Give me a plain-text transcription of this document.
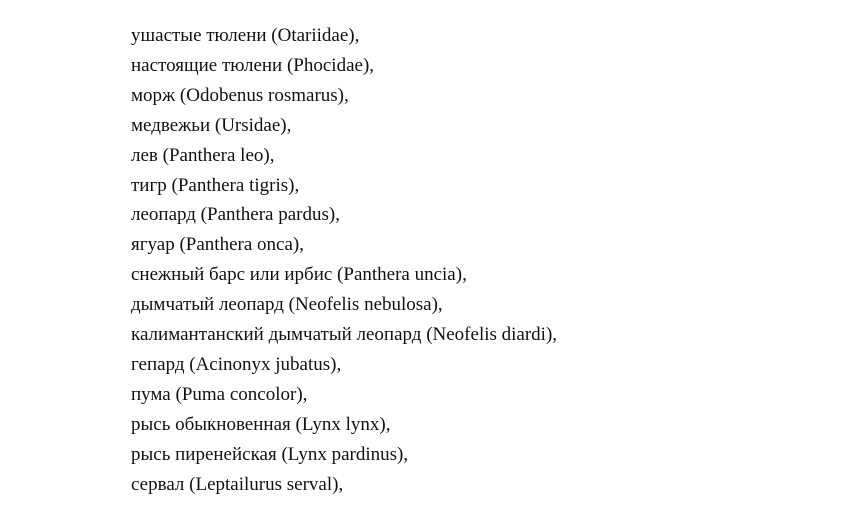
ушастые тюлени (Otariidae),
настоящие тюлени (Phocidae),
морж (Odobenus rosmarus),
медвежьи (Ursidae),
лев (Panthera leo),
тигр (Panthera tigris),
леопард (Panthera pardus),
ягуар (Panthera onca),
снежный барс или ирбис (Panthera uncia),
дымчатый леопард (Neofelis nebulosa),
калимантанский дымчатый леопард (Neofelis diardi),
гепард (Acinonyx jubatus),
пума (Puma concolor),
рысь обыкновенная (Lynx lynx),
рысь пиренейская (Lynx pardinus),
сервал (Leptailurus serval),
